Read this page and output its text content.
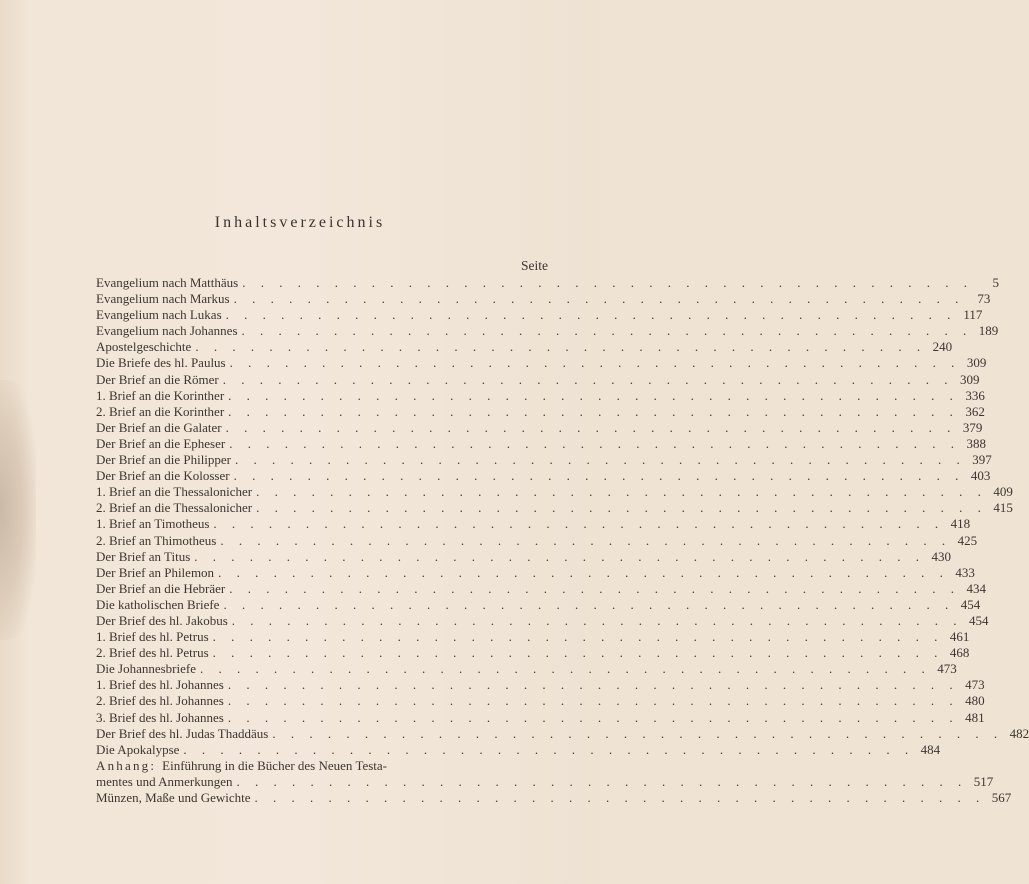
Inhaltsverzeichnis
Seite
Evangelium nach Matthäus . . . . . . . . . . . . . . . . . . . . . . . . . . . . . . . . . . . . . . . .	5
Evangelium nach Markus . . . . . . . . . . . . . . . . . . . . . . . . . . . . . . . . . . . . . . . .	73
Evangelium nach Lukas . . . . . . . . . . . . . . . . . . . . . . . . . . . . . . . . . . . . . . . . 117
Evangelium nach Johannes . . . . . . . . . . . . . . . . . . . . . . . . . . . . . . . . . . . . . . . . 189
Apostelgeschichte . . . . . . . . . . . . . . . . . . . . . . . . . . . . . . . . . . . . . . . . 240
Die Briefe des hl. Paulus . . . . . . . . . . . . . . . . . . . . . . . . . . . . . . . . . . . . . . . . 309
Der Brief an die Römer . . . . . . . . . . . . . . . . . . . . . . . . . . . . . . . . . . . . . . . . 309
1. Brief an die Korinther . . . . . . . . . . . . . . . . . . . . . . . . . . . . . . . . . . . . . . . . 336
2. Brief an die Korinther . . . . . . . . . . . . . . . . . . . . . . . . . . . . . . . . . . . . . . . . 362
Der Brief an die Galater . . . . . . . . . . . . . . . . . . . . . . . . . . . . . . . . . . . . . . . . 379
Der Brief an die Epheser . . . . . . . . . . . . . . . . . . . . . . . . . . . . . . . . . . . . . . . . 388
Der Brief an die Philipper . . . . . . . . . . . . . . . . . . . . . . . . . . . . . . . . . . . . . . . . 397
Der Brief an die Kolosser . . . . . . . . . . . . . . . . . . . . . . . . . . . . . . . . . . . . . . . . 403
1. Brief an die Thessalonicher . . . . . . . . . . . . . . . . . . . . . . . . . . . . . . . . . . . . . . . . 409
2. Brief an die Thessalonicher . . . . . . . . . . . . . . . . . . . . . . . . . . . . . . . . . . . . . . . . 415
1. Brief an Timotheus . . . . . . . . . . . . . . . . . . . . . . . . . . . . . . . . . . . . . . . . 418
2. Brief an Thimotheus . . . . . . . . . . . . . . . . . . . . . . . . . . . . . . . . . . . . . . . . 425
Der Brief an Titus . . . . . . . . . . . . . . . . . . . . . . . . . . . . . . . . . . . . . . . . 430
Der Brief an Philemon . . . . . . . . . . . . . . . . . . . . . . . . . . . . . . . . . . . . . . . . 433
Der Brief an die Hebräer . . . . . . . . . . . . . . . . . . . . . . . . . . . . . . . . . . . . . . . . 434
Die katholischen Briefe . . . . . . . . . . . . . . . . . . . . . . . . . . . . . . . . . . . . . . . . 454
Der Brief des hl. Jakobus . . . . . . . . . . . . . . . . . . . . . . . . . . . . . . . . . . . . . . . . 454
1. Brief des hl. Petrus . . . . . . . . . . . . . . . . . . . . . . . . . . . . . . . . . . . . . . . . 461
2. Brief des hl. Petrus . . . . . . . . . . . . . . . . . . . . . . . . . . . . . . . . . . . . . . . . 468
Die Johannesbriefe . . . . . . . . . . . . . . . . . . . . . . . . . . . . . . . . . . . . . . . . 473
1. Brief des hl. Johannes . . . . . . . . . . . . . . . . . . . . . . . . . . . . . . . . . . . . . . . . 473
2. Brief des hl. Johannes . . . . . . . . . . . . . . . . . . . . . . . . . . . . . . . . . . . . . . . . 480
3. Brief des hl. Johannes . . . . . . . . . . . . . . . . . . . . . . . . . . . . . . . . . . . . . . . . 481
Der Brief des hl. Judas Thaddäus . . . . . . . . . . . . . . . . . . . . . . . . . . . . . . . . . . . . . . . . 482
Die Apokalypse . . . . . . . . . . . . . . . . . . . . . . . . . . . . . . . . . . . . . . . . 484
Anhang: Einführung in die Bücher des Neuen Testa-
mentes und Anmerkungen . . . . . . . . . . . . . . . . . . . . . . . . . . . . . . . . . . . . . . . . 517
Münzen, Maße und Gewichte . . . . . . . . . . . . . . . . . . . . . . . . . . . . . . . . . . . . . . . . 567
